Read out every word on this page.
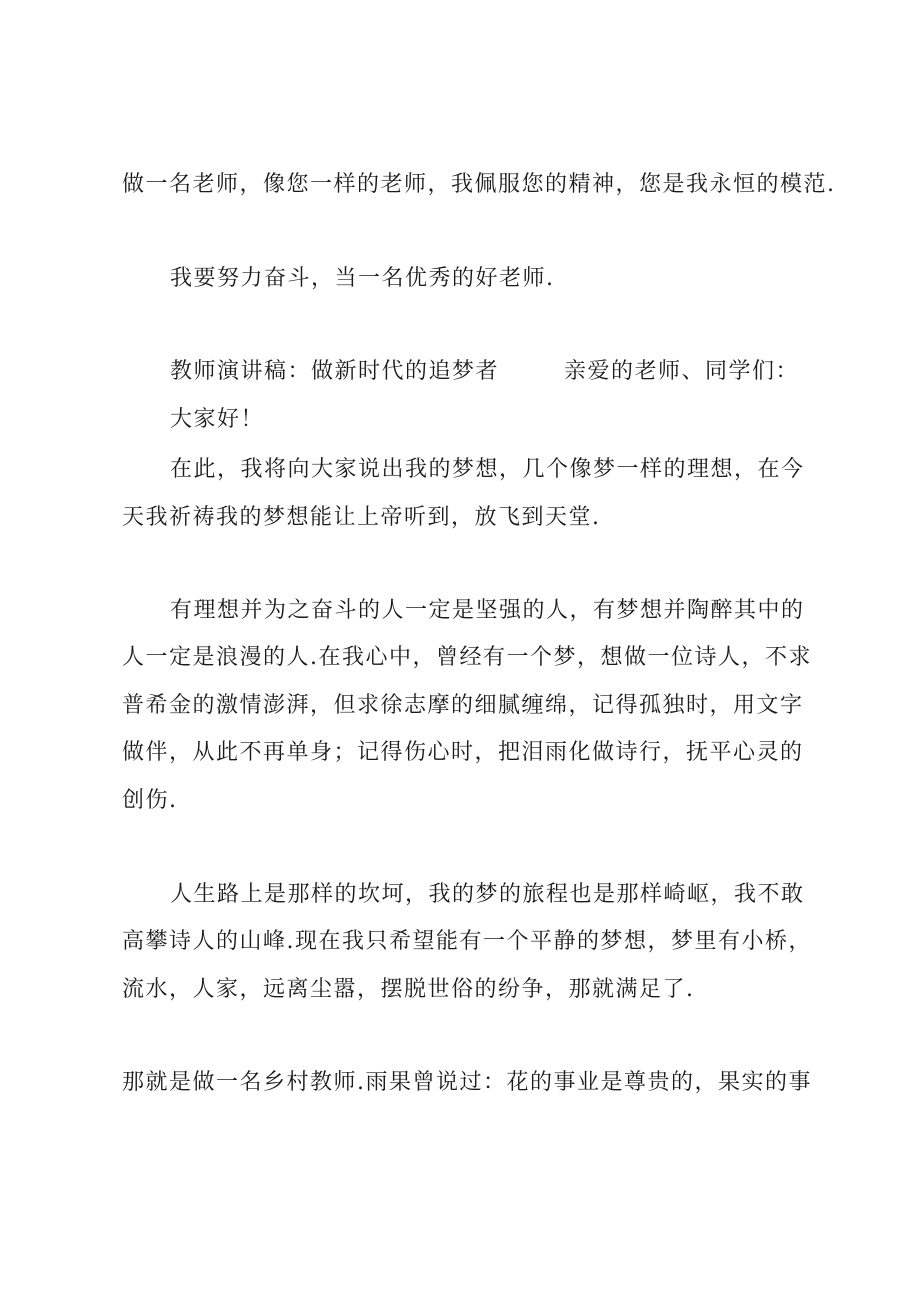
做一名老师，像您一样的老师，我佩服您的精神，您是我永恒的模范.
我要努力奋斗，当一名优秀的好老师.
教师演讲稿：做新时代的追梦者	亲爱的老师、同学们：
大家好！
在此，我将向大家说出我的梦想，几个像梦一样的理想，在今
天我祈祷我的梦想能让上帝听到，放飞到天堂.
有理想并为之奋斗的人一定是坚强的人，有梦想并陶醉其中的
人一定是浪漫的人.在我心中，曾经有一个梦，想做一位诗人，不求
普希金的激情澎湃，但求徐志摩的细腻缠绵，记得孤独时，用文字
做伴，从此不再单身；记得伤心时，把泪雨化做诗行，抚平心灵的
创伤.
人生路上是那样的坎坷，我的梦的旅程也是那样崎岖，我不敢
高攀诗人的山峰.现在我只希望能有一个平静的梦想，梦里有小桥，
流水，人家，远离尘嚣，摆脱世俗的纷争，那就满足了.
那就是做一名乡村教师.雨果曾说过：花的事业是尊贵的，果实的事
